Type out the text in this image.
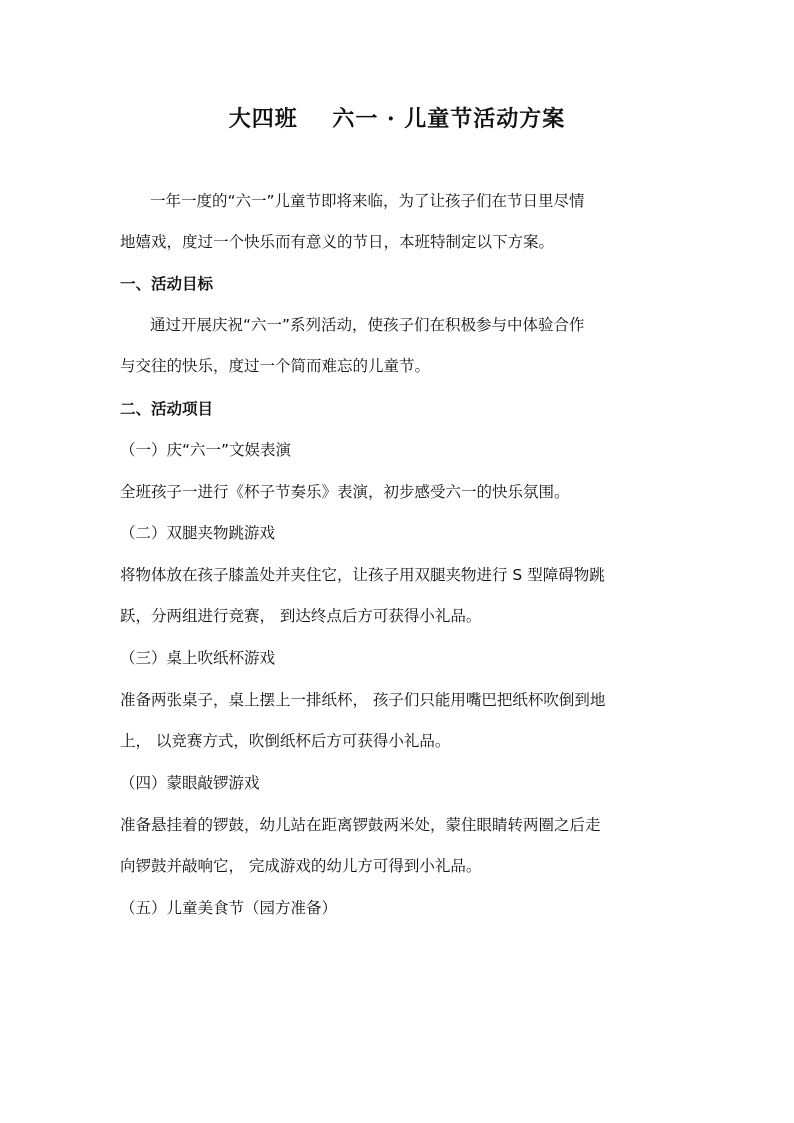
大四班    六一 · 儿童节活动方案
一年一度的“六一”儿童节即将来临，为了让孩子们在节日里尽情
地嬉戏，度过一个快乐而有意义的节日，本班特制定以下方案。
一、活动目标
通过开展庆祝“六一”系列活动，使孩子们在积极参与中体验合作
与交往的快乐，度过一个简而难忘的儿童节。
二、活动项目
（一）庆“六一”文娱表演
全班孩子一进行《杯子节奏乐》表演，初步感受六一的快乐氛围。
（二）双腿夹物跳游戏
将物体放在孩子膝盖处并夹住它，让孩子用双腿夹物进行 S 型障碍物跳
跃，分两组进行竞赛， 到达终点后方可获得小礼品。
（三）桌上吹纸杯游戏
准备两张桌子，桌上摆上一排纸杯， 孩子们只能用嘴巴把纸杯吹倒到地
上， 以竞赛方式，吹倒纸杯后方可获得小礼品。
（四）蒙眼敲锣游戏
准备悬挂着的锣鼓，幼儿站在距离锣鼓两米处，蒙住眼睛转两圈之后走
向锣鼓并敲响它， 完成游戏的幼儿方可得到小礼品。
（五）儿童美食节（园方准备）
